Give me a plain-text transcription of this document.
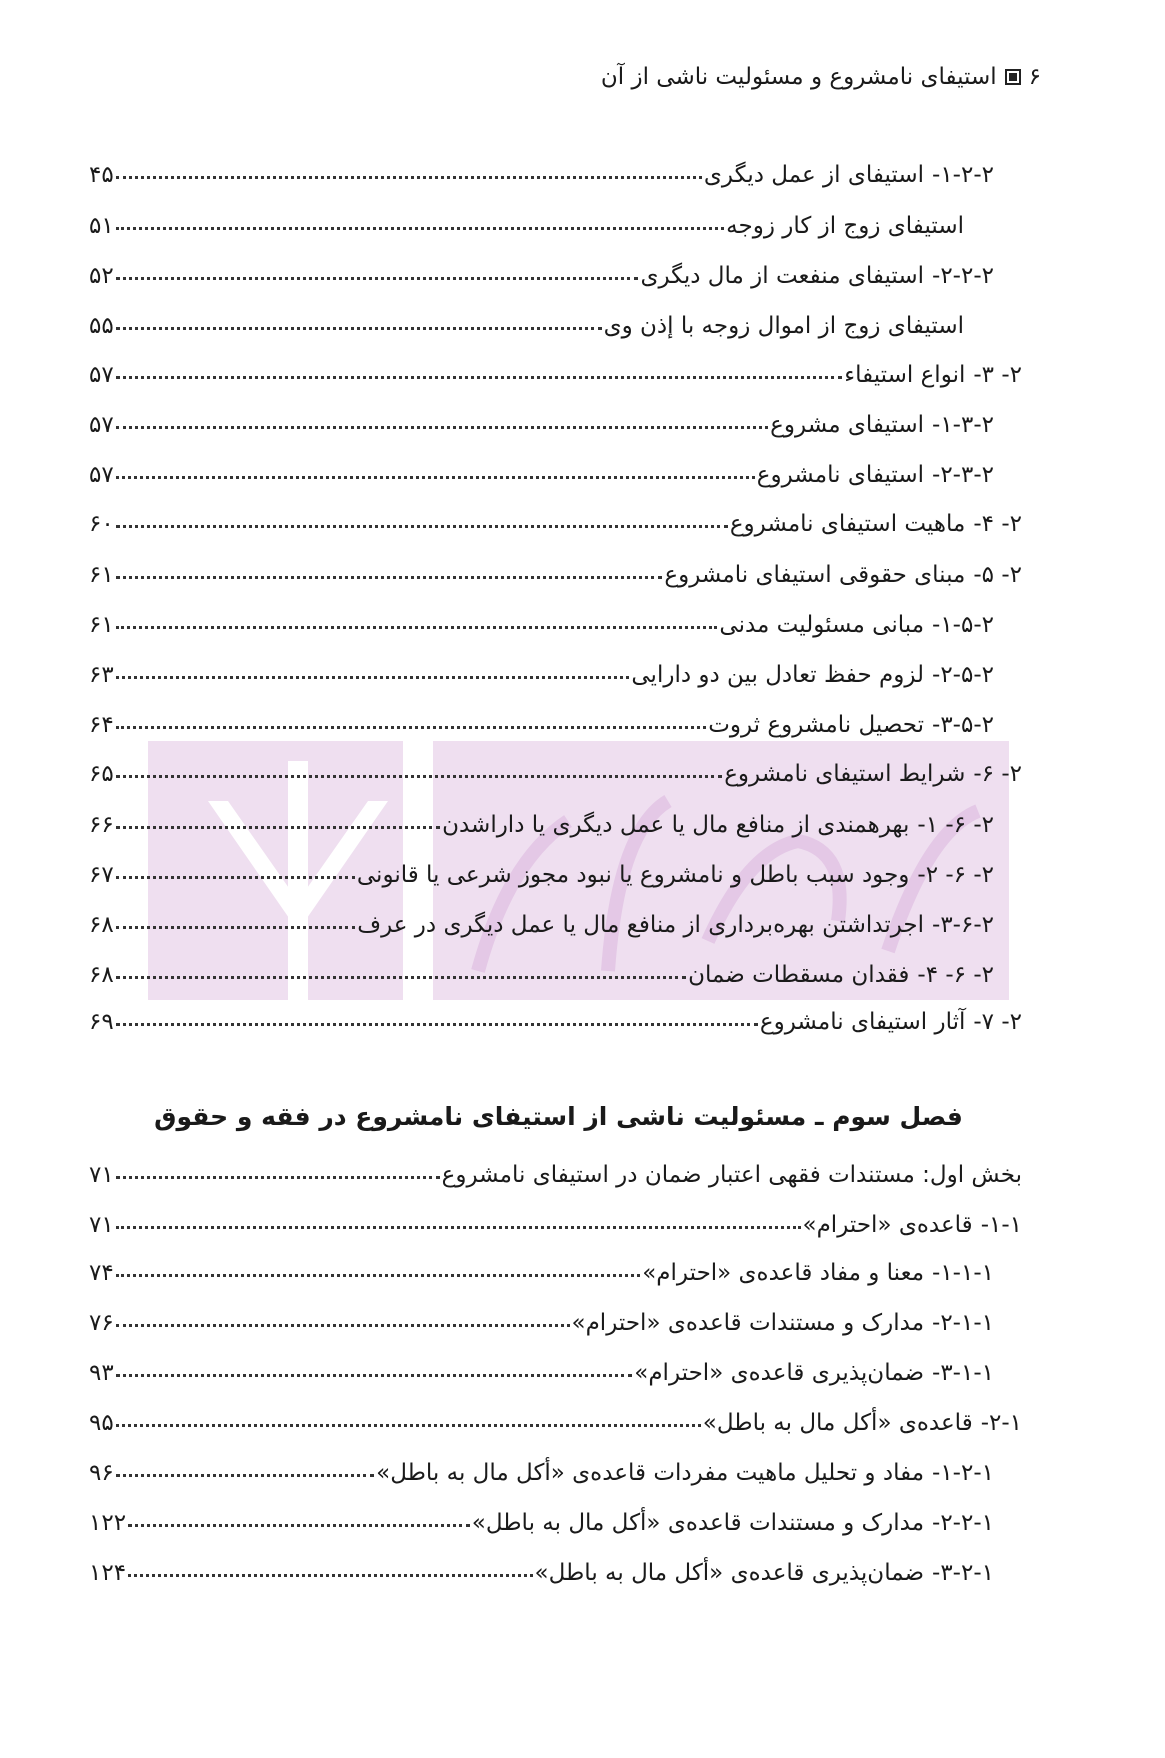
۶
استیفای نامشروع و مسئولیت ناشی از آن
۲-۲-۱-
استیفای از عمل دیگری
۴۵
استیفای زوج از کار زوجه
۵۱
۲-۲-۲-
استیفای منفعت از مال دیگری
۵۲
استیفای زوج از اموال زوجه با إذن وی
۵۵
۲- ۳-
انواع استیفاء
۵۷
۲-۳-۱-
استیفای مشروع
۵۷
۲-۳-۲-
استیفای نامشروع
۵۷
۲- ۴-
ماهیت استیفای نامشروع
۶۰
۲- ۵-
مبنای حقوقی استیفای نامشروع
۶۱
۲-۵-۱-
مبانی مسئولیت مدنی
۶۱
۲-۵-۲-
لزوم حفظ تعادل بین دو دارایی
۶۳
۲-۵-۳-
تحصیل نامشروع ثروت
۶۴
۲- ۶-
شرایط استیفای نامشروع
۶۵
۲- ۶- ۱-
بهرهمندی از منافع مال یا عمل دیگری یا داراشدن
۶۶
۲- ۶- ۲-
وجود سبب باطل و نامشروع یا نبود مجوز شرعی یا قانونی
۶۷
۲-۶-۳-
اجرتداشتن بهره‌برداری از منافع مال یا عمل دیگری در عرف
۶۸
۲- ۶- ۴-
فقدان مسقطات ضمان
۶۸
۲- ۷-
آثار استیفای نامشروع
۶۹
فصل سوم ـ مسئولیت ناشی از استیفای نامشروع در فقه و حقوق
بخش اول: مستندات فقهی اعتبار ضمان در استیفای نامشروع
۷۱
۱-۱-
قاعده‌ی «احترام»
۷۱
۱-۱-۱-
معنا و مفاد قاعده‌ی «احترام»
۷۴
۱-۱-۲-
مدارک و مستندات قاعده‌ی «احترام»
۷۶
۱-۱-۳-
ضمان‌پذیری قاعده‌ی «احترام»
۹۳
۱-۲-
قاعده‌ی «أکل مال به باطل»
۹۵
۱-۲-۱-
مفاد و تحلیل ماهیت مفردات قاعده‌ی «أکل مال به باطل»
۹۶
۱-۲-۲-
مدارک و مستندات قاعده‌ی «أکل مال به باطل»
۱۲۲
۱-۲-۳-
ضمان‌پذیری قاعده‌ی «أکل مال به باطل»
۱۲۴
